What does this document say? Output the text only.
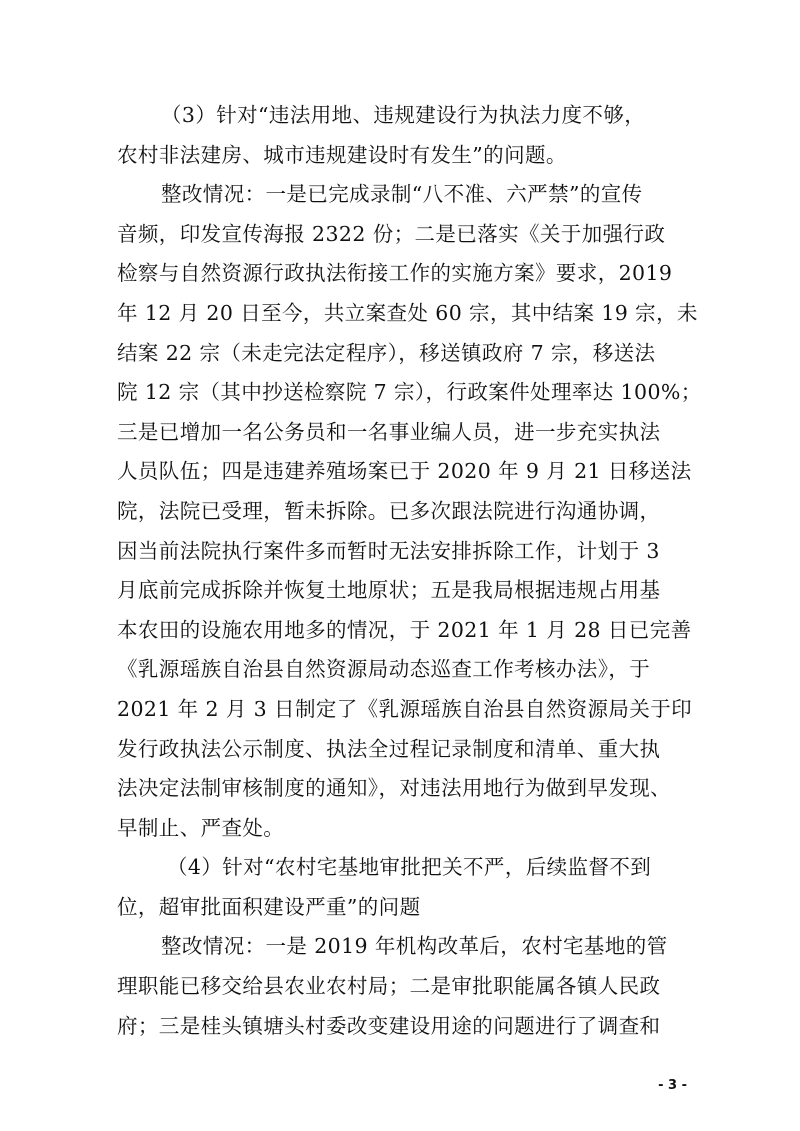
（3）针对“违法用地、违规建设行为执法力度不够，
农村非法建房、城市违规建设时有发生”的问题。
整改情况：一是已完成录制“八不准、六严禁”的宣传
音频，印发宣传海报 2322 份；二是已落实《关于加强行政
检察与自然资源行政执法衔接工作的实施方案》要求，2019
年 12 月 20 日至今，共立案查处 60 宗，其中结案 19 宗，未
结案 22 宗（未走完法定程序），移送镇政府 7 宗，移送法
院 12 宗（其中抄送检察院 7 宗），行政案件处理率达 100%；
三是已增加一名公务员和一名事业编人员，进一步充实执法
人员队伍；四是违建养殖场案已于 2020 年 9 月 21 日移送法
院，法院已受理，暂未拆除。已多次跟法院进行沟通协调，
因当前法院执行案件多而暂时无法安排拆除工作，计划于 3
月底前完成拆除并恢复土地原状；五是我局根据违规占用基
本农田的设施农用地多的情况，于 2021 年 1 月 28 日已完善
《乳源瑶族自治县自然资源局动态巡查工作考核办法》，于
2021 年 2 月 3 日制定了《乳源瑶族自治县自然资源局关于印
发行政执法公示制度、执法全过程记录制度和清单、重大执
法决定法制审核制度的通知》，对违法用地行为做到早发现、
早制止、严查处。
（4）针对“农村宅基地审批把关不严，后续监督不到
位，超审批面积建设严重”的问题
整改情况：一是 2019 年机构改革后，农村宅基地的管
理职能已移交给县农业农村局；二是审批职能属各镇人民政
府；三是桂头镇塘头村委改变建设用途的问题进行了调查和
- 3 -
